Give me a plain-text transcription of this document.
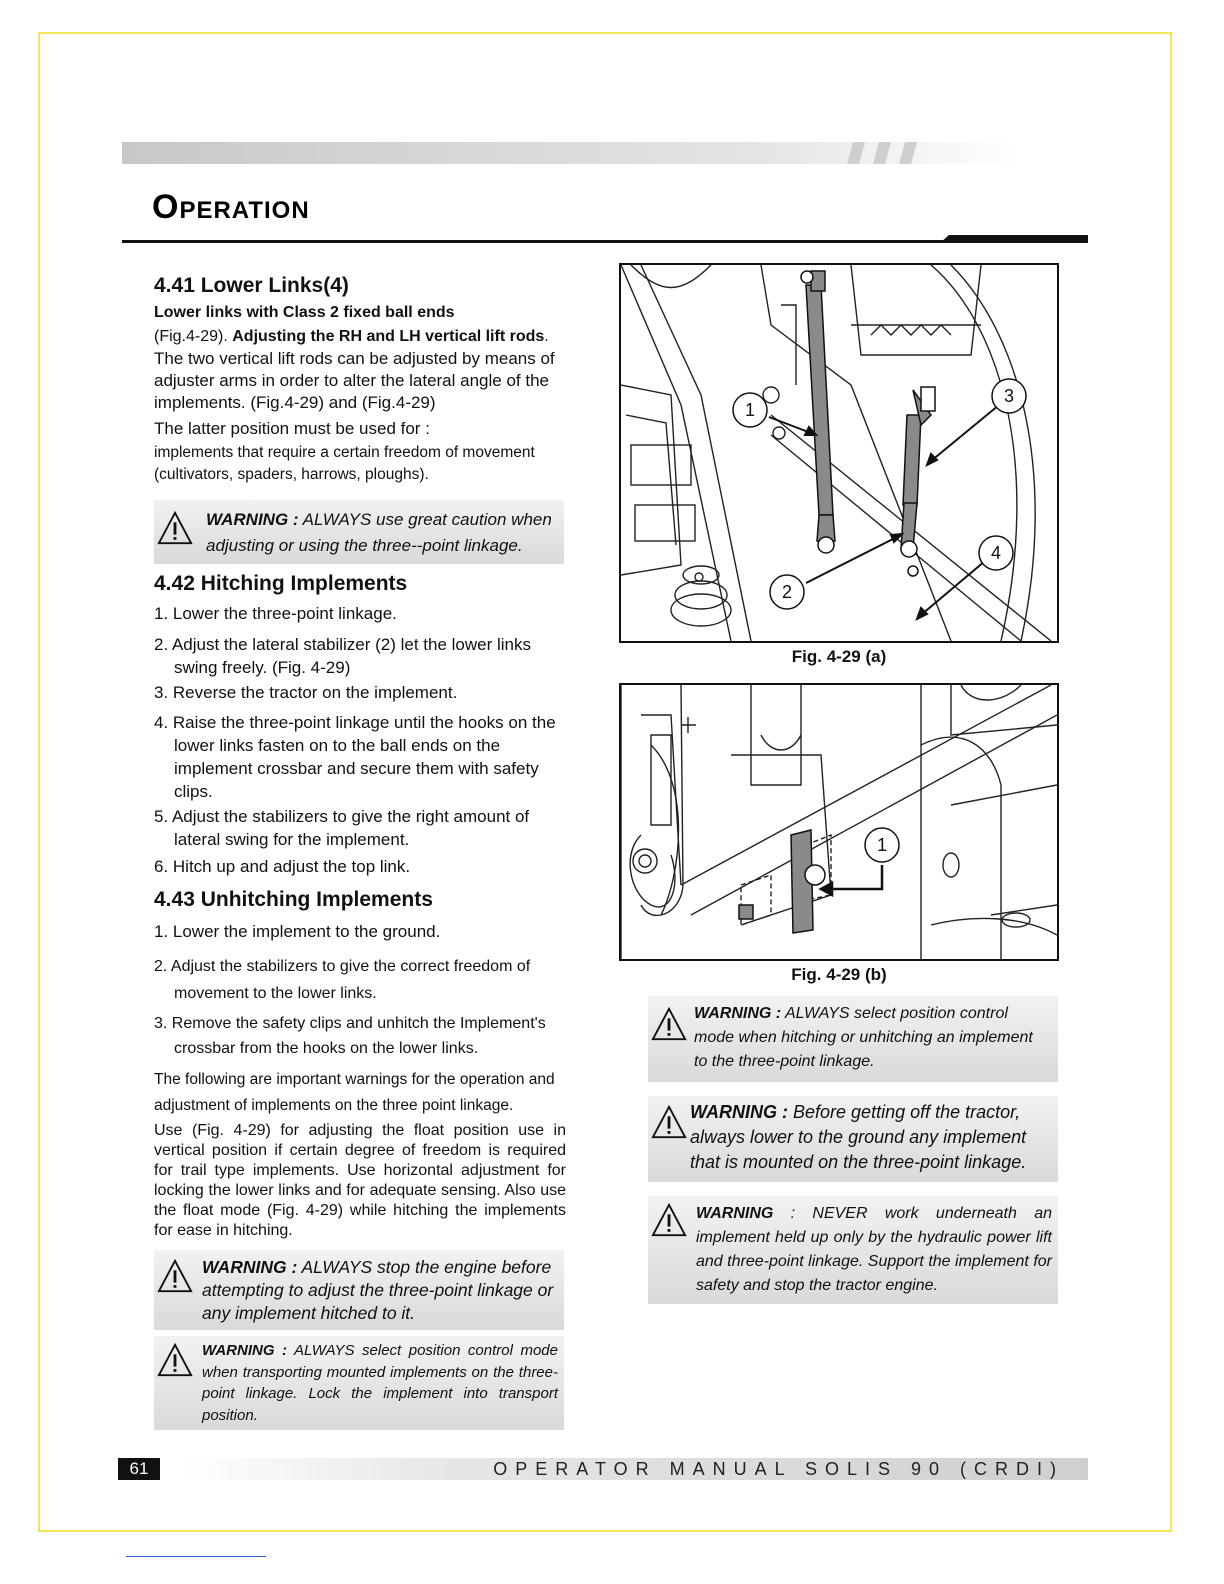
Operation
4.41 Lower Links(4)
Lower links with Class 2 fixed ball ends
(Fig.4-29). Adjusting the RH and LH vertical lift rods.
The two vertical lift rods can be adjusted by means of adjuster arms in order to alter the lateral angle of the implements. (Fig.4-29) and (Fig.4-29)
The latter position must be used for :
implements that require a certain freedom of movement (cultivators, spaders, harrows, ploughs).
WARNING : ALWAYS use great caution when adjusting or using the three--point linkage.
4.42 Hitching Implements
1. Lower the three-point linkage.
2. Adjust the lateral stabilizer (2) let the lower links swing freely. (Fig. 4-29)
3. Reverse the tractor on the implement.
4. Raise the three-point linkage until the hooks on the lower links fasten on to the ball ends on the implement crossbar and secure them with safety clips.
5. Adjust the stabilizers to give the right amount of lateral swing for the implement.
6. Hitch up and adjust the top link.
4.43 Unhitching Implements
1. Lower the implement to the ground.
2. Adjust the stabilizers to give the correct freedom of movement to the lower links.
3. Remove the safety clips and unhitch the Implement's crossbar from the hooks on the lower links.
The following are important warnings for the operation and adjustment of implements on the three point linkage.
Use (Fig. 4-29) for adjusting the float position use in vertical position if certain degree of freedom is required for trail type implements. Use horizontal adjustment for locking the lower links and for adequate sensing. Also use the float mode (Fig. 4-29) while hitching the implements for ease in hitching.
WARNING : ALWAYS stop the engine before attempting to adjust the three-point linkage or any implement hitched to it.
WARNING : ALWAYS select position control mode when transporting mounted implements on the three-point linkage. Lock the implement into transport position.
1
3
2
4
Fig. 4-29 (a)
1
Fig. 4-29 (b)
WARNING : ALWAYS select position control mode when hitching or unhitching an implement to the three-point linkage.
WARNING : Before getting off the tractor, always lower to the ground any implement that is mounted on the three-point linkage.
WARNING : NEVER work underneath an implement held up only by the hydraulic power lift and three-point linkage. Support the implement for safety and stop the tractor engine.
61	OPERATOR MANUAL SOLIS 90 (CRDI)
